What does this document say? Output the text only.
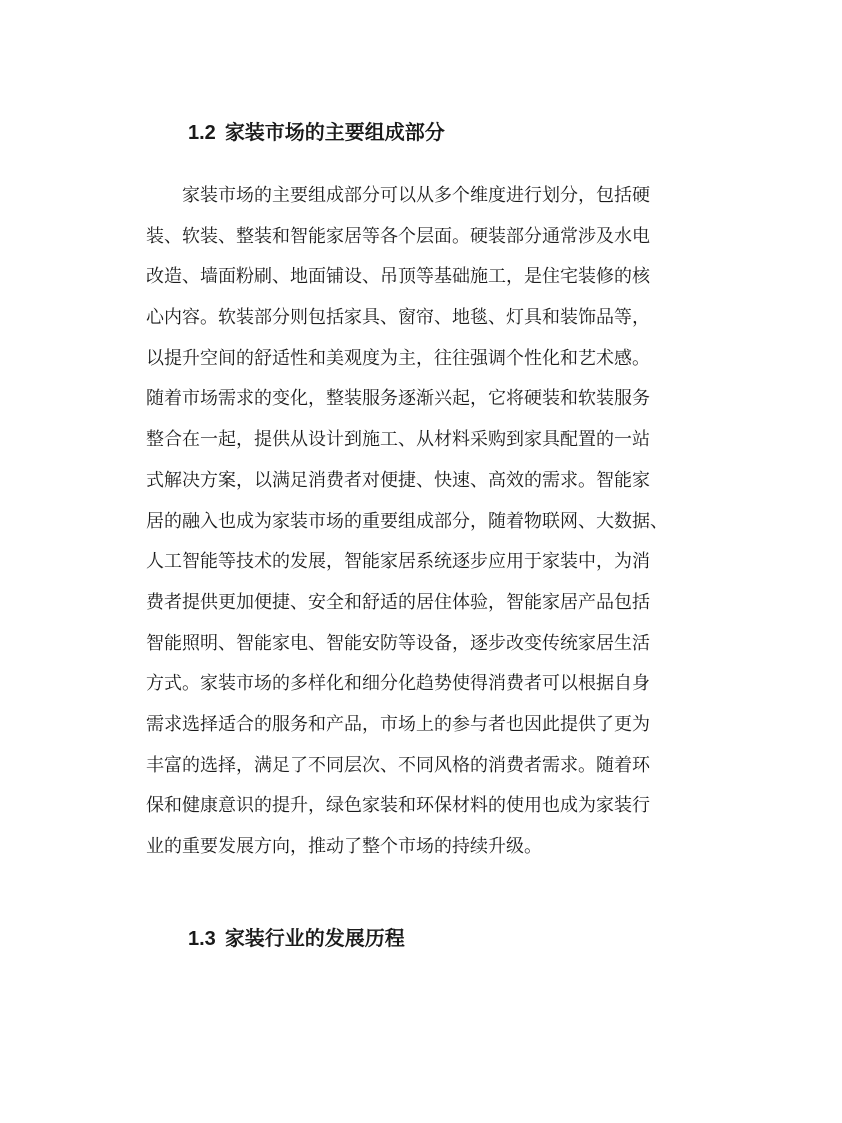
1.2 家装市场的主要组成部分
　　家装市场的主要组成部分可以从多个维度进行划分，包括硬
装、软装、整装和智能家居等各个层面。硬装部分通常涉及水电
改造、墙面粉刷、地面铺设、吊顶等基础施工，是住宅装修的核
心内容。软装部分则包括家具、窗帘、地毯、灯具和装饰品等，
以提升空间的舒适性和美观度为主，往往强调个性化和艺术感。
随着市场需求的变化，整装服务逐渐兴起，它将硬装和软装服务
整合在一起，提供从设计到施工、从材料采购到家具配置的一站
式解决方案，以满足消费者对便捷、快速、高效的需求。智能家
居的融入也成为家装市场的重要组成部分，随着物联网、大数据、
人工智能等技术的发展，智能家居系统逐步应用于家装中，为消
费者提供更加便捷、安全和舒适的居住体验，智能家居产品包括
智能照明、智能家电、智能安防等设备，逐步改变传统家居生活
方式。家装市场的多样化和细分化趋势使得消费者可以根据自身
需求选择适合的服务和产品，市场上的参与者也因此提供了更为
丰富的选择，满足了不同层次、不同风格的消费者需求。随着环
保和健康意识的提升，绿色家装和环保材料的使用也成为家装行
业的重要发展方向，推动了整个市场的持续升级。
1.3 家装行业的发展历程
